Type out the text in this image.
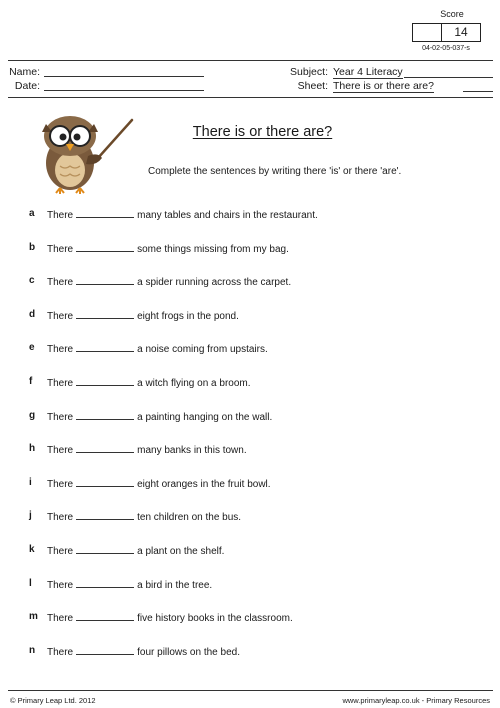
Score
14
04-02-05-037-s
Name:
Date:
Subject: Year 4 Literacy
Sheet: There is or there are?
There is or there are?
Complete the sentences by writing there 'is' or there 'are'.
a	There	many tables and chairs in the restaurant.
b	There	some things missing from my bag.
c	There	a spider running across the carpet.
d	There	eight frogs in the pond.
e	There	a noise coming from upstairs.
f	There	a witch flying on a broom.
g	There	a painting hanging on the wall.
h	There	many banks in this town.
i	There	eight oranges in the fruit bowl.
j	There	ten children on the bus.
k	There	a plant on the shelf.
l	There	a bird in the tree.
m There	five history books in the classroom.
n	There	four pillows on the bed.
© Primary Leap Ltd. 2012	www.primaryleap.co.uk - Primary Resources
